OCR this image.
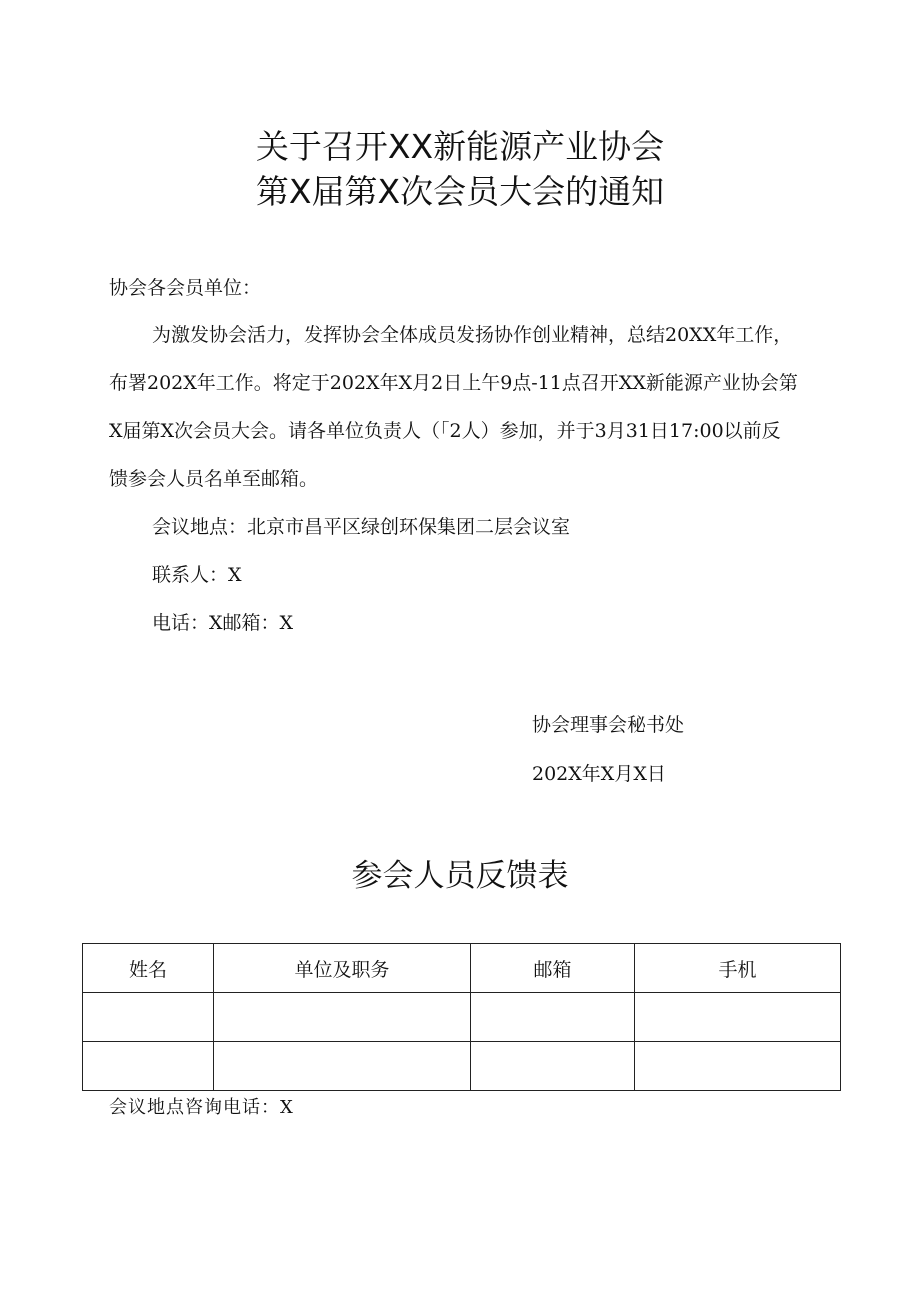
关于召开XX新能源产业协会
第X届第X次会员大会的通知
协会各会员单位：
为激发协会活力，发挥协会全体成员发扬协作创业精神，总结20XX年工作，
布署202X年工作。将定于202X年X月2日上午9点-11点召开XX新能源产业协会第
X届第X次会员大会。请各单位负责人（「2人）参加，并于3月31日17:00以前反
馈参会人员名单至邮箱。
会议地点：北京市昌平区绿创环保集团二层会议室
联系人：X
电话：X邮箱：X
协会理事会秘书处
202X年X月X日
参会人员反馈表
姓名	单位及职务	邮箱	手机

会议地点咨询电话：X
